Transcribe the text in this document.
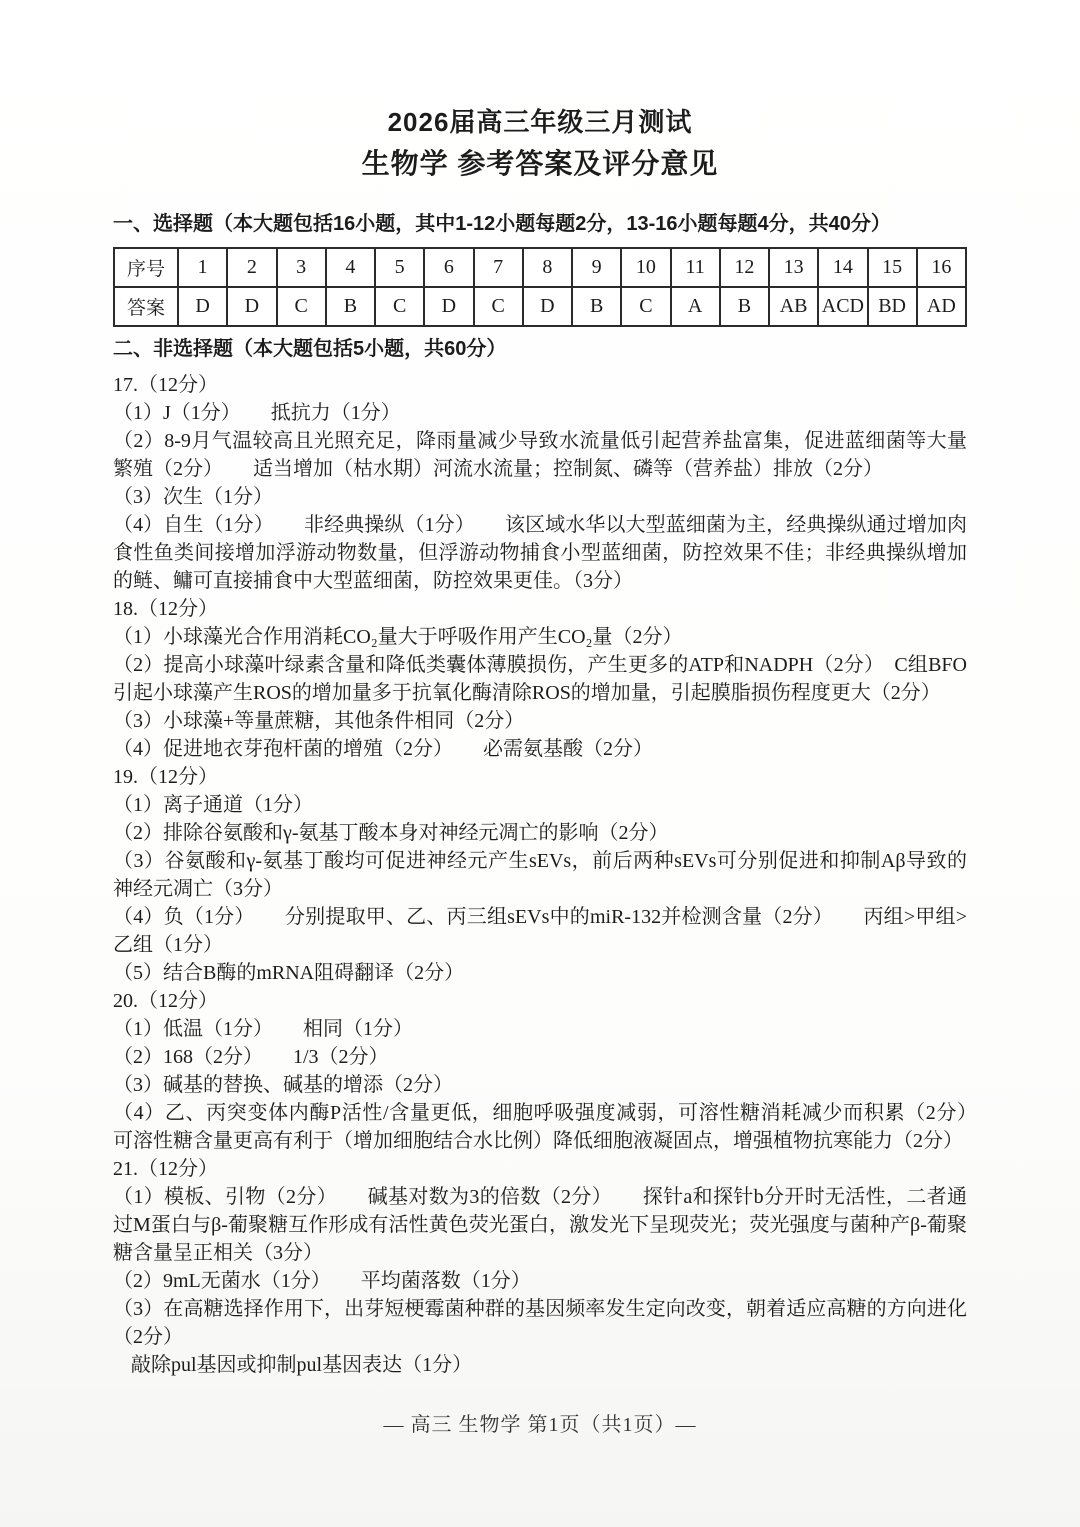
2026届高三年级三月测试
生物学 参考答案及评分意见

一、选择题（本大题包括16小题，其中1-12小题每题2分，13-16小题每题4分，共40分）

序号	1	2	3	4	5	6	7	8	9	10	11	12	13	14	15	16
答案	D	D	C	B	C	D	C	D	B	C	A	B	AB	ACD	BD	AD

二、非选择题（本大题包括5小题，共60分）

17.（12分）

（1）J（1分）　　抵抗力（1分）

（2）8-9月气温较高且光照充足，降雨量减少导致水流量低引起营养盐富集，促进蓝细菌等大量繁殖（2分）　　适当增加（枯水期）河流水流量；控制氮、磷等（营养盐）排放（2分）

（3）次生（1分）

（4）自生（1分）　　非经典操纵（1分）　　该区域水华以大型蓝细菌为主，经典操纵通过增加肉食性鱼类间接增加浮游动物数量，但浮游动物捕食小型蓝细菌，防控效果不佳；非经典操纵增加的鲢、鳙可直接捕食中大型蓝细菌，防控效果更佳。（3分）

18.（12分）

（1）小球藻光合作用消耗CO₂量大于呼吸作用产生CO₂量（2分）

（2）提高小球藻叶绿素含量和降低类囊体薄膜损伤，产生更多的ATP和NADPH（2分）　C组BFO引起小球藻产生ROS的增加量多于抗氧化酶清除ROS的增加量，引起膜脂损伤程度更大（2分）

（3）小球藻+等量蔗糖，其他条件相同（2分）

（4）促进地衣芽孢杆菌的增殖（2分）　　必需氨基酸（2分）

19.（12分）

（1）离子通道（1分）

（2）排除谷氨酸和γ-氨基丁酸本身对神经元凋亡的影响（2分）

（3）谷氨酸和γ-氨基丁酸均可促进神经元产生sEVs，前后两种sEVs可分别促进和抑制Aβ导致的神经元凋亡（3分）

（4）负（1分）　　分别提取甲、乙、丙三组sEVs中的miR-132并检测含量（2分）　　丙组>甲组>乙组（1分）

（5）结合B酶的mRNA阻碍翻译（2分）

20.（12分）

（1）低温（1分）　　相同（1分）

（2）168（2分）　　1/3（2分）

（3）碱基的替换、碱基的增添（2分）

（4）乙、丙突变体内酶P活性/含量更低，细胞呼吸强度减弱，可溶性糖消耗减少而积累（2分）　　可溶性糖含量更高有利于（增加细胞结合水比例）降低细胞液凝固点，增强植物抗寒能力（2分）

21.（12分）

（1）模板、引物（2分）　　碱基对数为3的倍数（2分）　　探针a和探针b分开时无活性，二者通过M蛋白与β-葡聚糖互作形成有活性黄色荧光蛋白，激发光下呈现荧光；荧光强度与菌种产β-葡聚糖含量呈正相关（3分）

（2）9mL无菌水（1分）　　平均菌落数（1分）

（3）在高糖选择作用下，出芽短梗霉菌种群的基因频率发生定向改变，朝着适应高糖的方向进化（2分）

敲除pul基因或抑制pul基因表达（1分）

— 高三 生物学 第1页（共1页）—
